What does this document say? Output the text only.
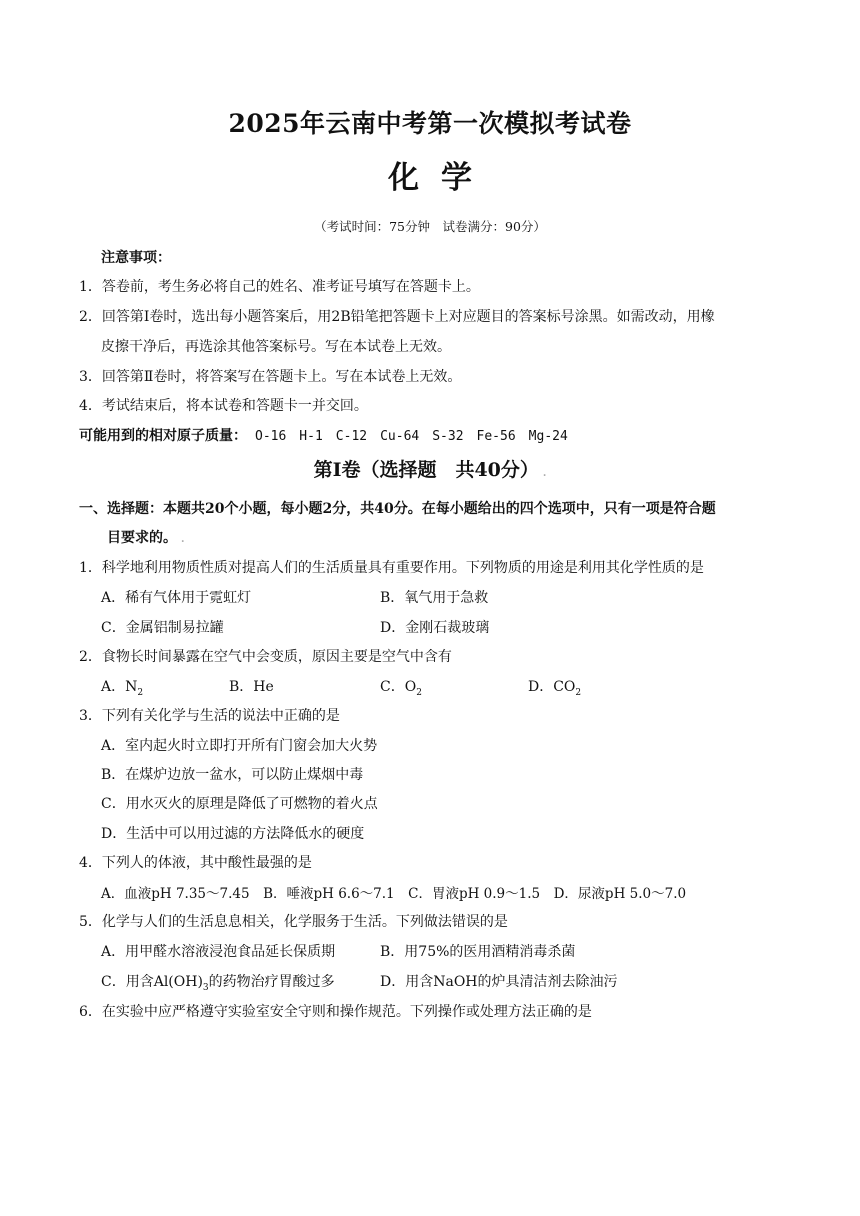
2025年云南中考第一次模拟考试卷
化学
（考试时间：75分钟　试卷满分：90分）
注意事项：
1．答卷前，考生务必将自己的姓名、准考证号填写在答题卡上。
2．回答第Ⅰ卷时，选出每小题答案后，用2B铅笔把答题卡上对应题目的答案标号涂黑。如需改动，用橡
皮擦干净后，再选涂其他答案标号。写在本试卷上无效。
3．回答第Ⅱ卷时，将答案写在答题卡上。写在本试卷上无效。
4．考试结束后，将本试卷和答题卡一并交回。
可能用到的相对原子质量： O-16　H-1　C-12　Cu-64　S-32　Fe-56　Mg-24
第Ⅰ卷（选择题　共40分） .
一、选择题：本题共20个小题，每小题2分，共40分。在每小题给出的四个选项中，只有一项是符合题
目要求的。 .
1．科学地利用物质性质对提高人们的生活质量具有重要作用。下列物质的用途是利用其化学性质的是
A．稀有气体用于霓虹灯	B．氧气用于急救
C．金属铝制易拉罐	D．金刚石裁玻璃
2．食物长时间暴露在空气中会变质，原因主要是空气中含有
A．$N_2$	B．He	C．$O_2$	D．$CO_2$
3．下列有关化学与生活的说法中正确的是
A．室内起火时立即打开所有门窗会加大火势
B．在煤炉边放一盆水，可以防止煤烟中毒
C．用水灭火的原理是降低了可燃物的着火点
D．生活中可以用过滤的方法降低水的硬度
4．下列人的体液，其中酸性最强的是
A．血液pH 7.35～7.45　B．唾液pH 6.6～7.1　C．胃液pH 0.9～1.5　D．尿液pH 5.0～7.0
5．化学与人们的生活息息相关，化学服务于生活。下列做法错误的是
A．用甲醛水溶液浸泡食品延长保质期	B．用75%的医用酒精消毒杀菌
C．用含$Al(OH)_3$的药物治疗胃酸过多	D．用含NaOH的炉具清洁剂去除油污
6．在实验中应严格遵守实验室安全守则和操作规范。下列操作或处理方法正确的是
